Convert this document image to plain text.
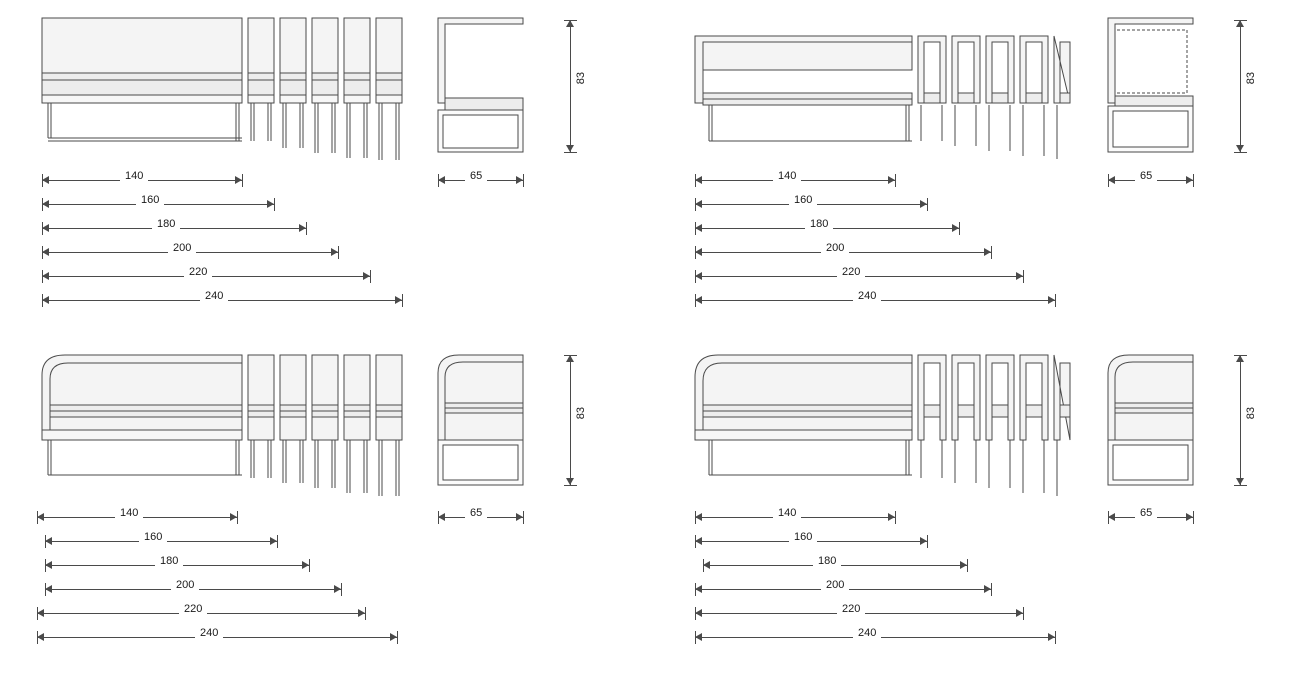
83
65
140
160
180
200
220
240
83
65
140
160
180
200
220
240
83
65
140
160
180
200
220
240
83
65
140
160
180
200
220
240
